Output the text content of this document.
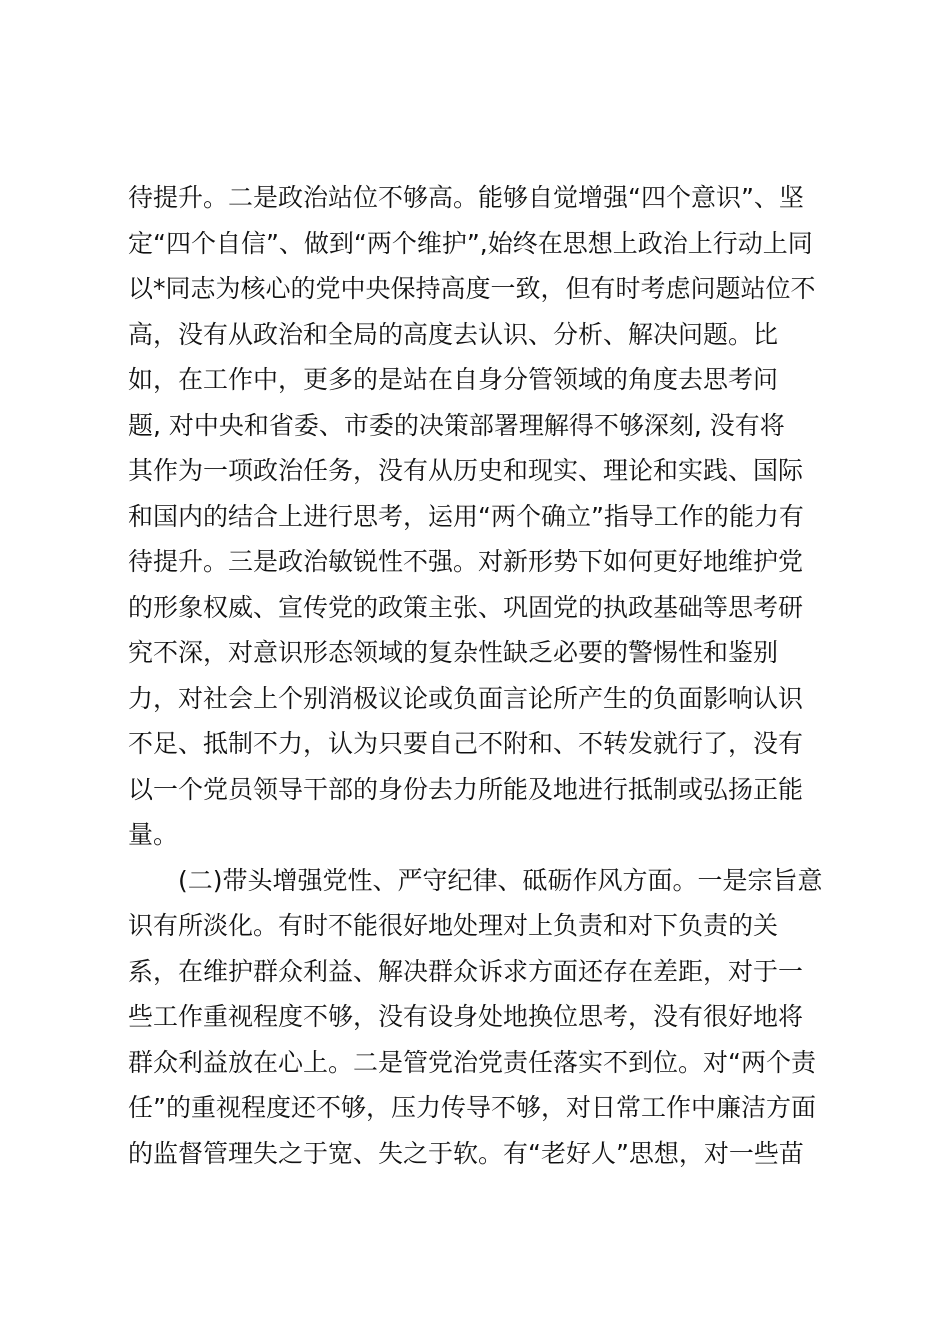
待提升。二是政治站位不够高。能够自觉增强“四个意识”、坚
定“四个自信”、做到“两个维护”,始终在思想上政治上行动上同
以*同志为核心的党中央保持高度一致，但有时考虑问题站位不
高，没有从政治和全局的高度去认识、分析、解决问题。比
如，在工作中，更多的是站在自身分管领域的角度去思考问
题, 对中央和省委、市委的决策部署理解得不够深刻, 没有将
其作为一项政治任务，没有从历史和现实、理论和实践、国际
和国内的结合上进行思考，运用“两个确立”指导工作的能力有
待提升。三是政治敏锐性不强。对新形势下如何更好地维护党
的形象权威、宣传党的政策主张、巩固党的执政基础等思考研
究不深，对意识形态领域的复杂性缺乏必要的警惕性和鉴别
力，对社会上个别消极议论或负面言论所产生的负面影响认识
不足、抵制不力，认为只要自己不附和、不转发就行了，没有
以一个党员领导干部的身份去力所能及地进行抵制或弘扬正能
量。
(二)带头增强党性、严守纪律、砥砺作风方面。一是宗旨意
识有所淡化。有时不能很好地处理对上负责和对下负责的关
系，在维护群众利益、解决群众诉求方面还存在差距，对于一
些工作重视程度不够，没有设身处地换位思考，没有很好地将
群众利益放在心上。二是管党治党责任落实不到位。对“两个责
任”的重视程度还不够，压力传导不够，对日常工作中廉洁方面
的监督管理失之于宽、失之于软。有“老好人”思想，对一些苗
